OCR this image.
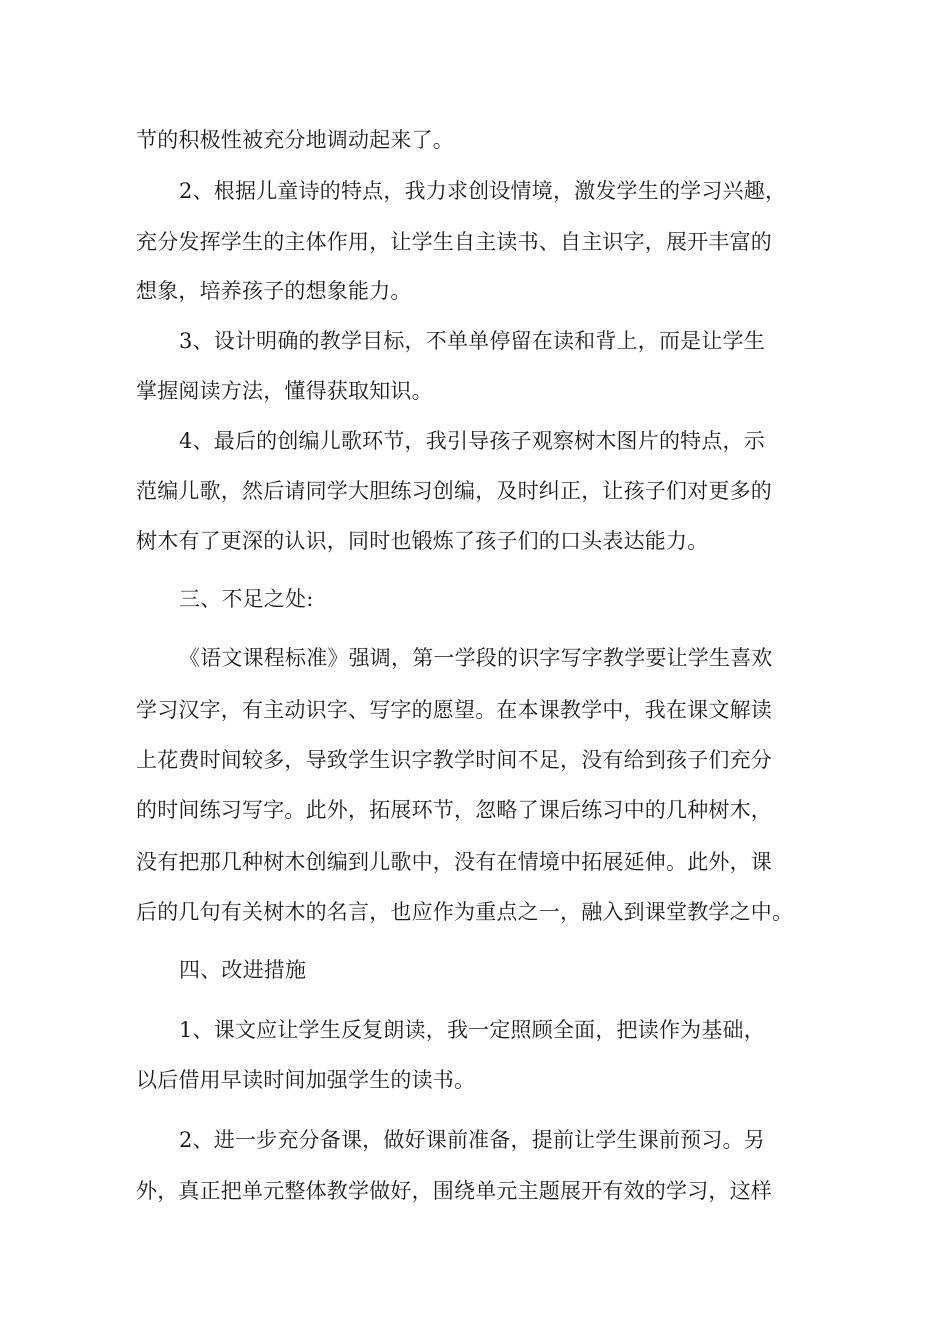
节的积极性被充分地调动起来了。
2、根据儿童诗的特点，我力求创设情境，激发学生的学习兴趣，
充分发挥学生的主体作用，让学生自主读书、自主识字，展开丰富的
想象，培养孩子的想象能力。
3、设计明确的教学目标，不单单停留在读和背上，而是让学生
掌握阅读方法，懂得获取知识。
4、最后的创编儿歌环节，我引导孩子观察树木图片的特点，示
范编儿歌，然后请同学大胆练习创编，及时纠正，让孩子们对更多的
树木有了更深的认识，同时也锻炼了孩子们的口头表达能力。
三、不足之处:
《语文课程标准》强调，第一学段的识字写字教学要让学生喜欢
学习汉字，有主动识字、写字的愿望。在本课教学中，我在课文解读
上花费时间较多，导致学生识字教学时间不足，没有给到孩子们充分
的时间练习写字。此外，拓展环节，忽略了课后练习中的几种树木，
没有把那几种树木创编到儿歌中，没有在情境中拓展延伸。此外，课
后的几句有关树木的名言，也应作为重点之一，融入到课堂教学之中。
四、改进措施
1、课文应让学生反复朗读，我一定照顾全面，把读作为基础，
以后借用早读时间加强学生的读书。
2、进一步充分备课，做好课前准备，提前让学生课前预习。另
外，真正把单元整体教学做好，围绕单元主题展开有效的学习，这样
